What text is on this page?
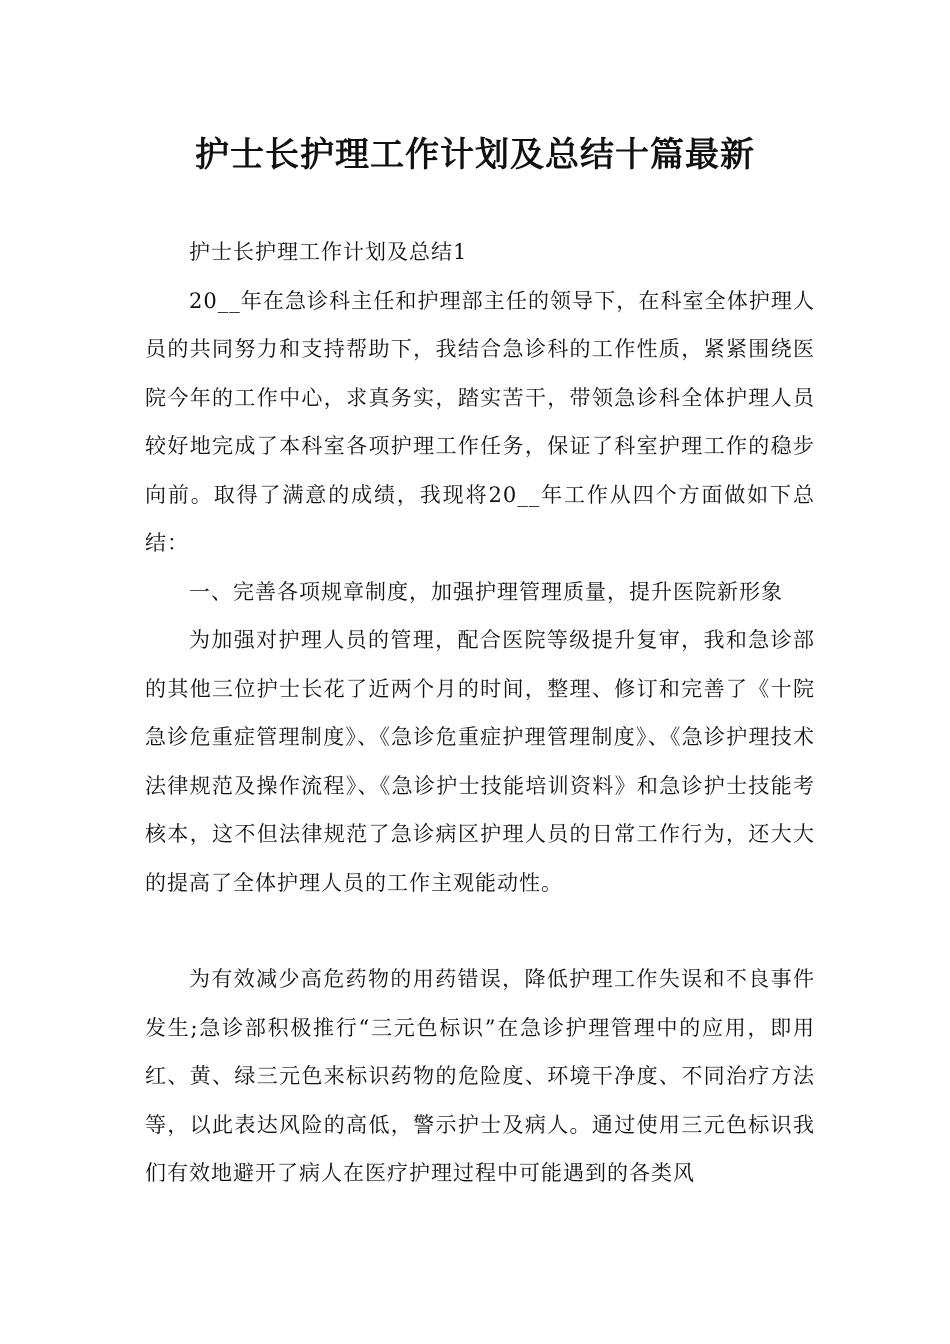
护士长护理工作计划及总结十篇最新

护士长护理工作计划及总结1

20__年在急诊科主任和护理部主任的领导下，在科室全体护理人员的共同努力和支持帮助下，我结合急诊科的工作性质，紧紧围绕医院今年的工作中心，求真务实，踏实苦干，带领急诊科全体护理人员较好地完成了本科室各项护理工作任务，保证了科室护理工作的稳步向前。取得了满意的成绩，我现将20__年工作从四个方面做如下总结：

一、完善各项规章制度，加强护理管理质量，提升医院新形象

为加强对护理人员的管理，配合医院等级提升复审，我和急诊部的其他三位护士长花了近两个月的时间，整理、修订和完善了《十院急诊危重症管理制度》、《急诊危重症护理管理制度》、《急诊护理技术法律规范及操作流程》、《急诊护士技能培训资料》和急诊护士技能考核本，这不但法律规范了急诊病区护理人员的日常工作行为，还大大的提高了全体护理人员的工作主观能动性。

为有效减少高危药物的用药错误，降低护理工作失误和不良事件发生;急诊部积极推行“三元色标识”在急诊护理管理中的应用，即用红、黄、绿三元色来标识药物的危险度、环境干净度、不同治疗方法等，以此表达风险的高低，警示护士及病人。通过使用三元色标识我们有效地避开了病人在医疗护理过程中可能遇到的各类风
